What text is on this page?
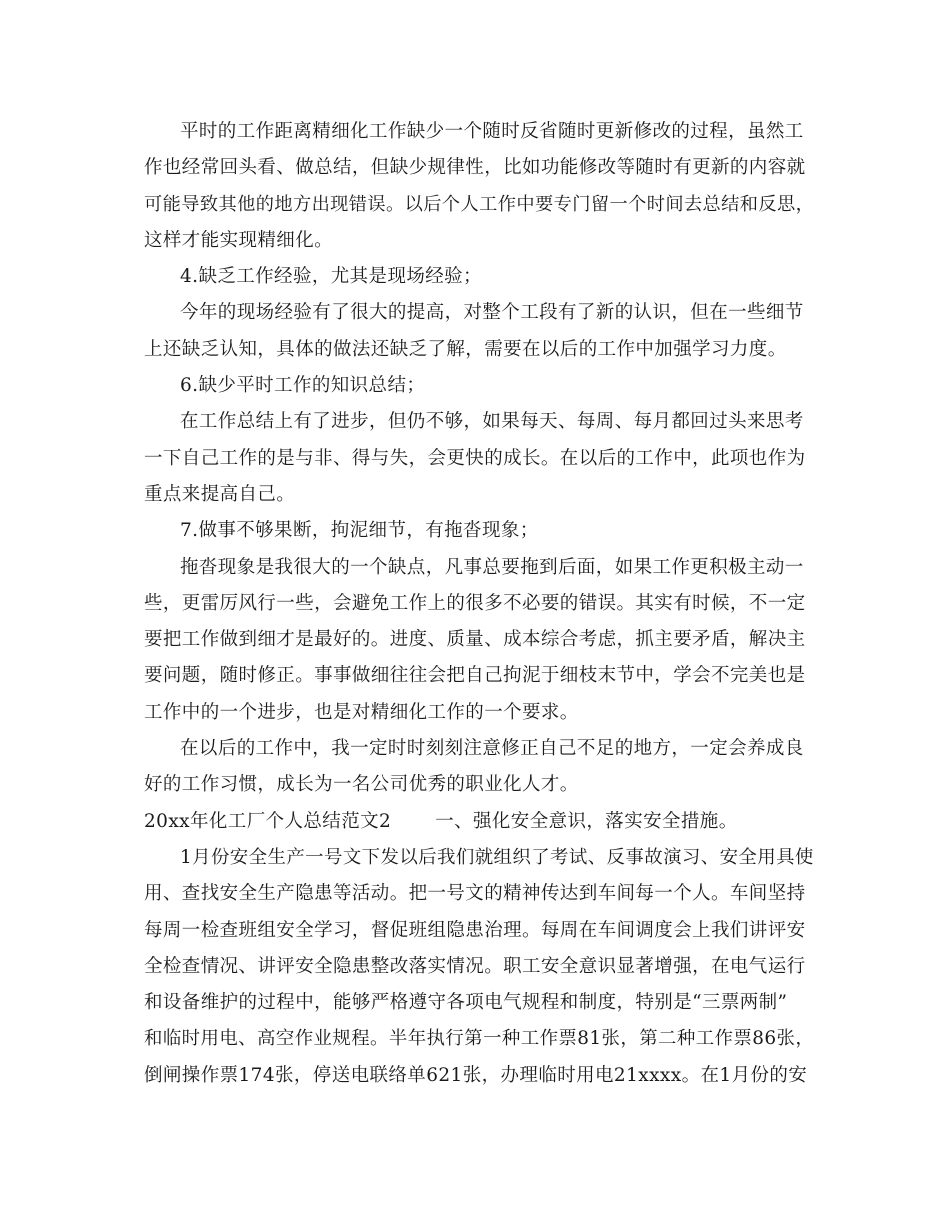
平时的工作距离精细化工作缺少一个随时反省随时更新修改的过程，虽然工
作也经常回头看、做总结，但缺少规律性，比如功能修改等随时有更新的内容就
可能导致其他的地方出现错误。以后个人工作中要专门留一个时间去总结和反思，
这样才能实现精细化。
4.缺乏工作经验，尤其是现场经验；
今年的现场经验有了很大的提高，对整个工段有了新的认识，但在一些细节
上还缺乏认知，具体的做法还缺乏了解，需要在以后的工作中加强学习力度。
6.缺少平时工作的知识总结；
在工作总结上有了进步，但仍不够，如果每天、每周、每月都回过头来思考
一下自己工作的是与非、得与失，会更快的成长。在以后的工作中，此项也作为
重点来提高自己。
7.做事不够果断，拘泥细节，有拖沓现象；
拖沓现象是我很大的一个缺点，凡事总要拖到后面，如果工作更积极主动一
些，更雷厉风行一些，会避免工作上的很多不必要的错误。其实有时候，不一定
要把工作做到细才是最好的。进度、质量、成本综合考虑，抓主要矛盾，解决主
要问题，随时修正。事事做细往往会把自己拘泥于细枝末节中，学会不完美也是
工作中的一个进步，也是对精细化工作的一个要求。
在以后的工作中，我一定时时刻刻注意修正自己不足的地方，一定会养成良
好的工作习惯，成长为一名公司优秀的职业化人才。
20xx年化工厂个人总结范文2 一、强化安全意识，落实安全措施。
1月份安全生产一号文下发以后我们就组织了考试、反事故演习、安全用具使
用、查找安全生产隐患等活动。把一号文的精神传达到车间每一个人。车间坚持
每周一检查班组安全学习，督促班组隐患治理。每周在车间调度会上我们讲评安
全检查情况、讲评安全隐患整改落实情况。职工安全意识显著增强，在电气运行
和设备维护的过程中，能够严格遵守各项电气规程和制度，特别是“三票两制”
和临时用电、高空作业规程。半年执行第一种工作票81张，第二种工作票86张，
倒闸操作票174张，停送电联络单621张，办理临时用电21xxxx。在1月份的安
